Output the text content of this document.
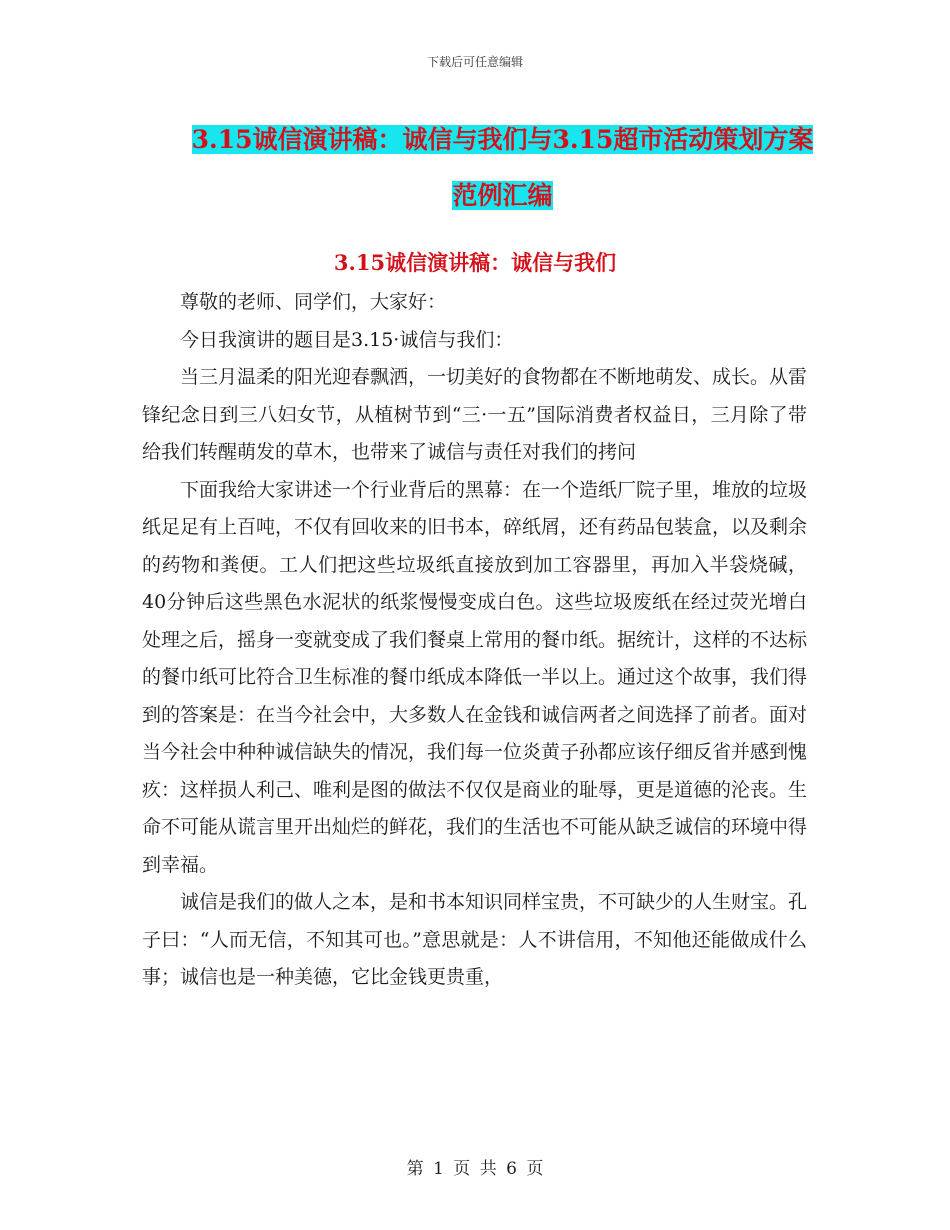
下载后可任意编辑
3.15诚信演讲稿：诚信与我们与3.15超市活动策划方案范例汇编
3.15诚信演讲稿：诚信与我们

尊敬的老师、同学们，大家好：

今日我演讲的题目是3.15·诚信与我们：

当三月温柔的阳光迎春飘洒，一切美好的食物都在不断地萌发、成长。从雷锋纪念日到三八妇女节，从植树节到“三·一五”国际消费者权益日，三月除了带给我们转醒萌发的草木，也带来了诚信与责任对我们的拷问

下面我给大家讲述一个行业背后的黑幕：在一个造纸厂院子里，堆放的垃圾纸足足有上百吨，不仅有回收来的旧书本，碎纸屑，还有药品包装盒，以及剩余的药物和粪便。工人们把这些垃圾纸直接放到加工容器里，再加入半袋烧碱，40分钟后这些黑色水泥状的纸浆慢慢变成白色。这些垃圾废纸在经过荧光增白处理之后，摇身一变就变成了我们餐桌上常用的餐巾纸。据统计，这样的不达标的餐巾纸可比符合卫生标准的餐巾纸成本降低一半以上。通过这个故事，我们得到的答案是：在当今社会中，大多数人在金钱和诚信两者之间选择了前者。面对当今社会中种种诚信缺失的情况，我们每一位炎黄子孙都应该仔细反省并感到愧疚：这样损人利己、唯利是图的做法不仅仅是商业的耻辱，更是道德的沦丧。生命不可能从谎言里开出灿烂的鲜花，我们的生活也不可能从缺乏诚信的环境中得到幸福。

诚信是我们的做人之本，是和书本知识同样宝贵，不可缺少的人生财宝。孔子曰：“人而无信，不知其可也。”意思就是：人不讲信用，不知他还能做成什么事；诚信也是一种美德，它比金钱更贵重，

第 1 页 共 6 页
